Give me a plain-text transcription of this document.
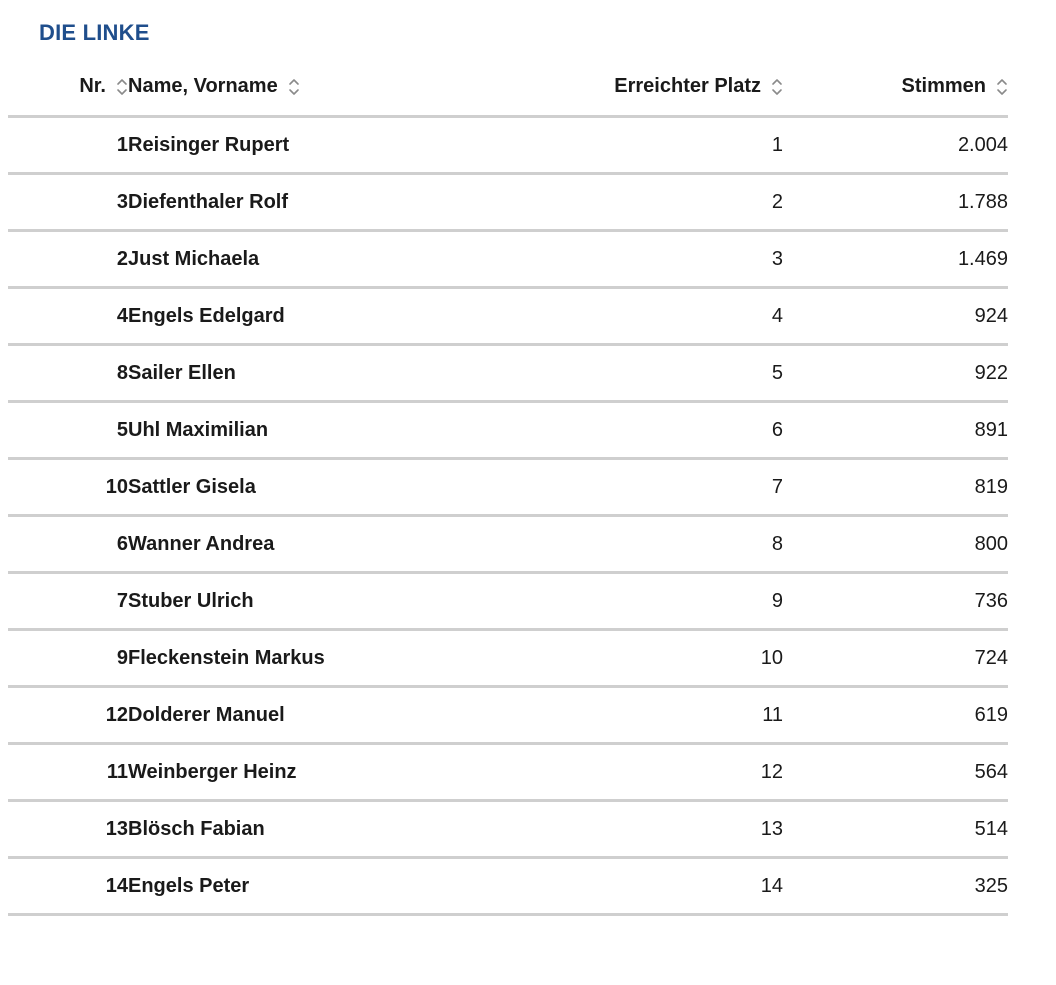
DIE LINKE
Nr.	Name, Vorname	Erreichter Platz	Stimmen

1	Reisinger Rupert	1	2.004
3	Diefenthaler Rolf	2	1.788
2	Just Michaela	3	1.469
4	Engels Edelgard	4	924
8	Sailer Ellen	5	922
5	Uhl Maximilian	6	891
10	Sattler Gisela	7	819
6	Wanner Andrea	8	800
7	Stuber Ulrich	9	736
9	Fleckenstein Markus	10	724
12	Dolderer Manuel	11	619
11	Weinberger Heinz	12	564
13	Blösch Fabian	13	514
14	Engels Peter	14	325
